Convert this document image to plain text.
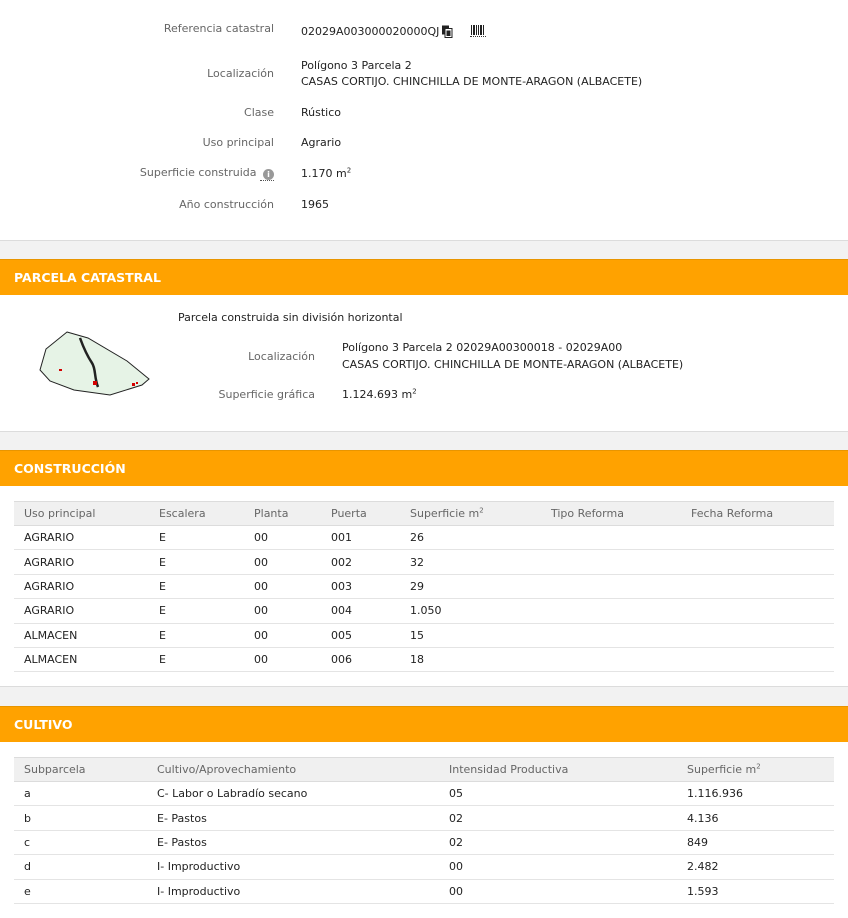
Referencia catastral 02029A003000020000QJ
Localización
Polígono 3 Parcela 2
CASAS CORTIJO. CHINCHILLA DE MONTE-ARAGON (ALBACETE)
Clase Rústico
Uso principal Agrario
Superficie construida i	1.170 $m^2$
Año construcción 1965
PARCELA CATASTRAL
Parcela construida sin división horizontal
Localización
Polígono 3 Parcela 2 02029A00300018 - 02029A00
CASAS CORTIJO. CHINCHILLA DE MONTE-ARAGON (ALBACETE)
Superficie gráfica 1.124.693 $m^2$
CONSTRUCCIÓN
Uso principal	Escalera	Planta	Puerta	Superficie $m^2$	Tipo Reforma	Fecha Reforma
AGRARIO	E	00	001	26		
AGRARIO	E	00	002	32		
AGRARIO	E	00	003	29		
AGRARIO	E	00	004	1.050		
ALMACEN	E	00	005	15		
ALMACEN	E	00	006	18		
CULTIVO
Subparcela	Cultivo/Aprovechamiento	Intensidad Productiva	Superficie $m^2$
a	C- Labor o Labradío secano	05	1.116.936
b	E- Pastos	02	4.136
c	E- Pastos	02	849
d	I- Improductivo	00	2.482
e	I- Improductivo	00	1.593
